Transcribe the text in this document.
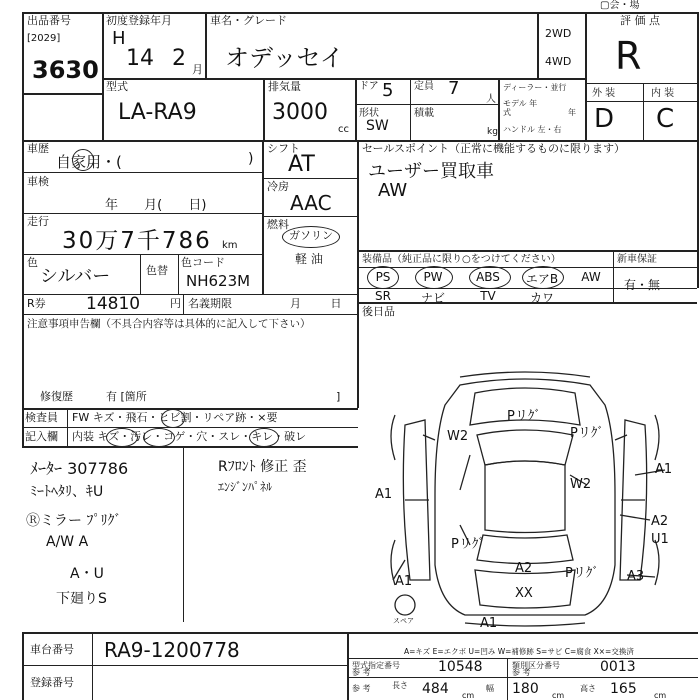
出品番号
[2029]
3630
初度登録年月
H
14 2 月
車名・グレード
オデッセイ
2WD
4WD
評 価 点
R
▢会・場
型式
LA-RA9
排気量
3000
cc
ドア 5 定員 7
人
形状
SW
積載
kg
ディーラー・並行
モデル 年式	年
ハンドル 左・右
外 装	内 装
D C
車歴
自家用・(	)
車検
年 月( 日)
走行
30万7千786 km
色
シルバー	色替
色コード
NH623M
R券 14810	円 名義期限	月 日
シフト
AT
冷房
AAC
燃料
ガソリン
軽 油
セールスポイント（正常に機能するものに限ります）
ユーザー買取車
AW
装備品（純正品に限り○をつけてください）	新車保証
有・無
PS	PW	ABS	エアB	AW
SR	ナビ	TV	カワ
注意事項申告欄（不具合内容等は具体的に記入して下さい）
修復歴	有 [箇所	]
後日品
検査員
記入欄
FW キズ・飛石・ヒビ割・リペア跡・×要
内装 キズ・汚レ・コゲ・穴・スレ・キレ・破レ
ﾒｰﾀｰ 307786
ﾐｰﾄﾍﾀﾘ、ｷU
Ⓡミラー ﾌﾟﾘｸﾞ
A/W A
A・U
下廻りS
Rﾌﾛﾝﾄ 修正 歪
ｴﾝｼﾞﾝﾊﾟﾈﾙ
W2
Pリｸﾞ
Pリｸﾞ
W2
A1
A1
A2
U1
A1
Pリｸﾞ
A2
XX
Pリｸﾞ A3
A1
スペア
車台番号 RA9-1200778
登録番号
A=キズ E=エクボ U=凹み W=補修跡 S=サビ C=腐食 X×=交換済
型式指定番号
参 考	10548	類別区分番号
参 考	0013
参 考	長さ 484 cm
幅 180 cm
高さ 165 cm
